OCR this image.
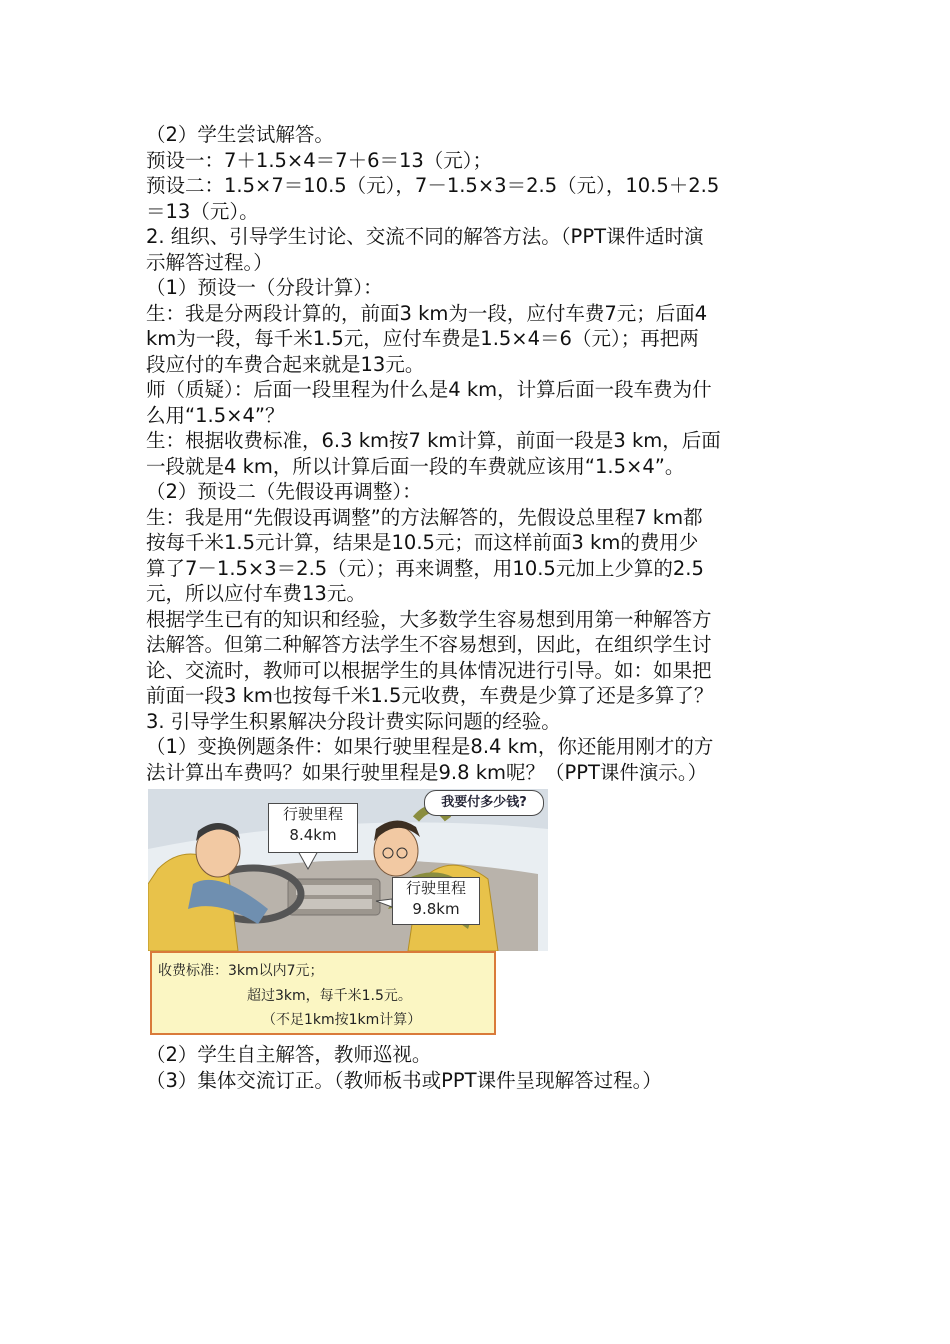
（2）学生尝试解答。
预设一：7＋1.5×4＝7＋6＝13（元）；
预设二：1.5×7＝10.5（元），7－1.5×3＝2.5（元），10.5＋2.5
＝13（元）。
2. 组织、引导学生讨论、交流不同的解答方法。（PPT课件适时演
示解答过程。）
（1）预设一（分段计算）：
生：我是分两段计算的，前面3 km为一段，应付车费7元；后面4
km为一段，每千米1.5元，应付车费是1.5×4＝6（元）；再把两
段应付的车费合起来就是13元。
师（质疑）：后面一段里程为什么是4 km，计算后面一段车费为什
么用“1.5×4”？
生：根据收费标准，6.3 km按7 km计算，前面一段是3 km，后面
一段就是4 km，所以计算后面一段的车费就应该用“1.5×4”。
（2）预设二（先假设再调整）：
生：我是用“先假设再调整”的方法解答的，先假设总里程7 km都
按每千米1.5元计算，结果是10.5元；而这样前面3 km的费用少
算了7－1.5×3＝2.5（元）；再来调整，用10.5元加上少算的2.5
元，所以应付车费13元。
根据学生已有的知识和经验，大多数学生容易想到用第一种解答方
法解答。但第二种解答方法学生不容易想到，因此，在组织学生讨
论、交流时，教师可以根据学生的具体情况进行引导。如：如果把
前面一段3 km也按每千米1.5元收费，车费是少算了还是多算了？
3. 引导学生积累解决分段计费实际问题的经验。
（1）变换例题条件：如果行驶里程是8.4 km，你还能用刚才的方
法计算出车费吗？如果行驶里程是9.8 km呢？（PPT课件演示。）
我要付多少钱?
行驶里程
8.4km
行驶里程
9.8km
收费标准：3km以内7元；
超过3km，每千米1.5元。
（不足1km按1km计算）
（2）学生自主解答，教师巡视。
（3）集体交流订正。（教师板书或PPT课件呈现解答过程。）
